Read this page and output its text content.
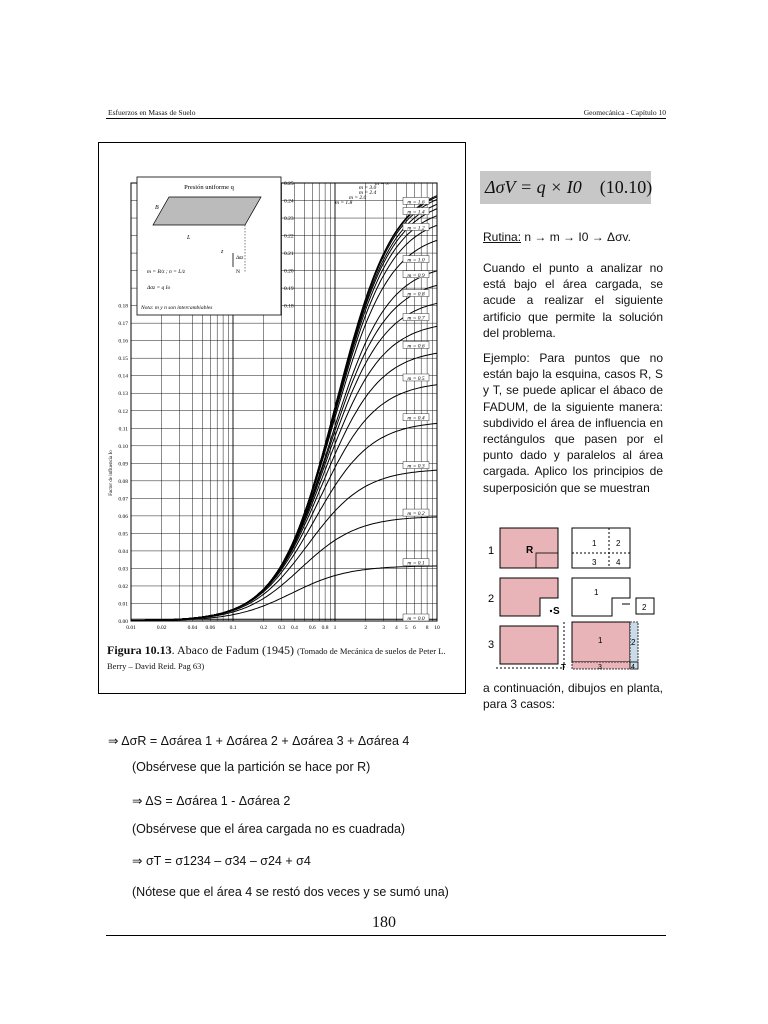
Esfuerzos en Masas de Suelo	Geomecánica - Capítulo 10
0.01	0.02	0.04 0.06	0.1	0.2 0.3 0.4 0.6 0.8 1	2	3 4 5 6 8 10
0.00
0.01
0.02
0.03
0.04
0.05
0.06
0.07
0.08
0.09
0.10
0.11
0.12
0.13
0.14
0.15
0.16
0.17
0.18	0.18
0.19
0.20
0.21
0.22
0.23
0.24
0.25
m = 1.6
m = 1.4
m = 1.2
m = 1.0
m = 0.9
m = 0.8
m = 0.7
m = 0.6
m = 0.5
m = 0.4
m = 0.3
m = 0.2
m = 0.1
m = 0.0
m = ∞
m = 3.0
m = 2.4
m = 2.0
m = 1.8
Presión uniforme q
B
L
z
N
Δσz
m = B/z ; n = L/z
Δσz = q Io
Nota: m y n son intercambiables
Factor de influencia Io
Figura 10.13. Abaco de Fadum (1945) (Tomado de Mecánica de suelos de Peter L. Berry – David Reid. Pag 63)
ΔσV = q × I0 (10.10)
Rutina: n → m → I0 → Δσv.
Cuando el punto a analizar no está bajo el área cargada, se acude a realizar el siguiente artificio que permite la solución del problema.
Ejemplo: Para puntos que no están bajo la esquina, casos R, S y T, se puede aplicar el ábaco de FADUM, de la siguiente manera: subdivido el área de influencia en rectángulos que pasen por el punto dado y paralelos al área cargada. Aplico los principios de superposición que se muestran
1	R
1 2
3 4
2
S
1
2
3
T
1	2
3	4
a continuación, dibujos en planta, para 3 casos:
⇒ ΔσR = Δσárea 1 + Δσárea 2 + Δσárea 3 + Δσárea 4
(Obsérvese que la partición se hace por R)
⇒ ΔS = Δσárea 1 - Δσárea 2
(Obsérvese que el área cargada no es cuadrada)
⇒ σT = σ1234 – σ34 – σ24 + σ4
(Nótese que el área 4 se restó dos veces y se sumó una)
180
